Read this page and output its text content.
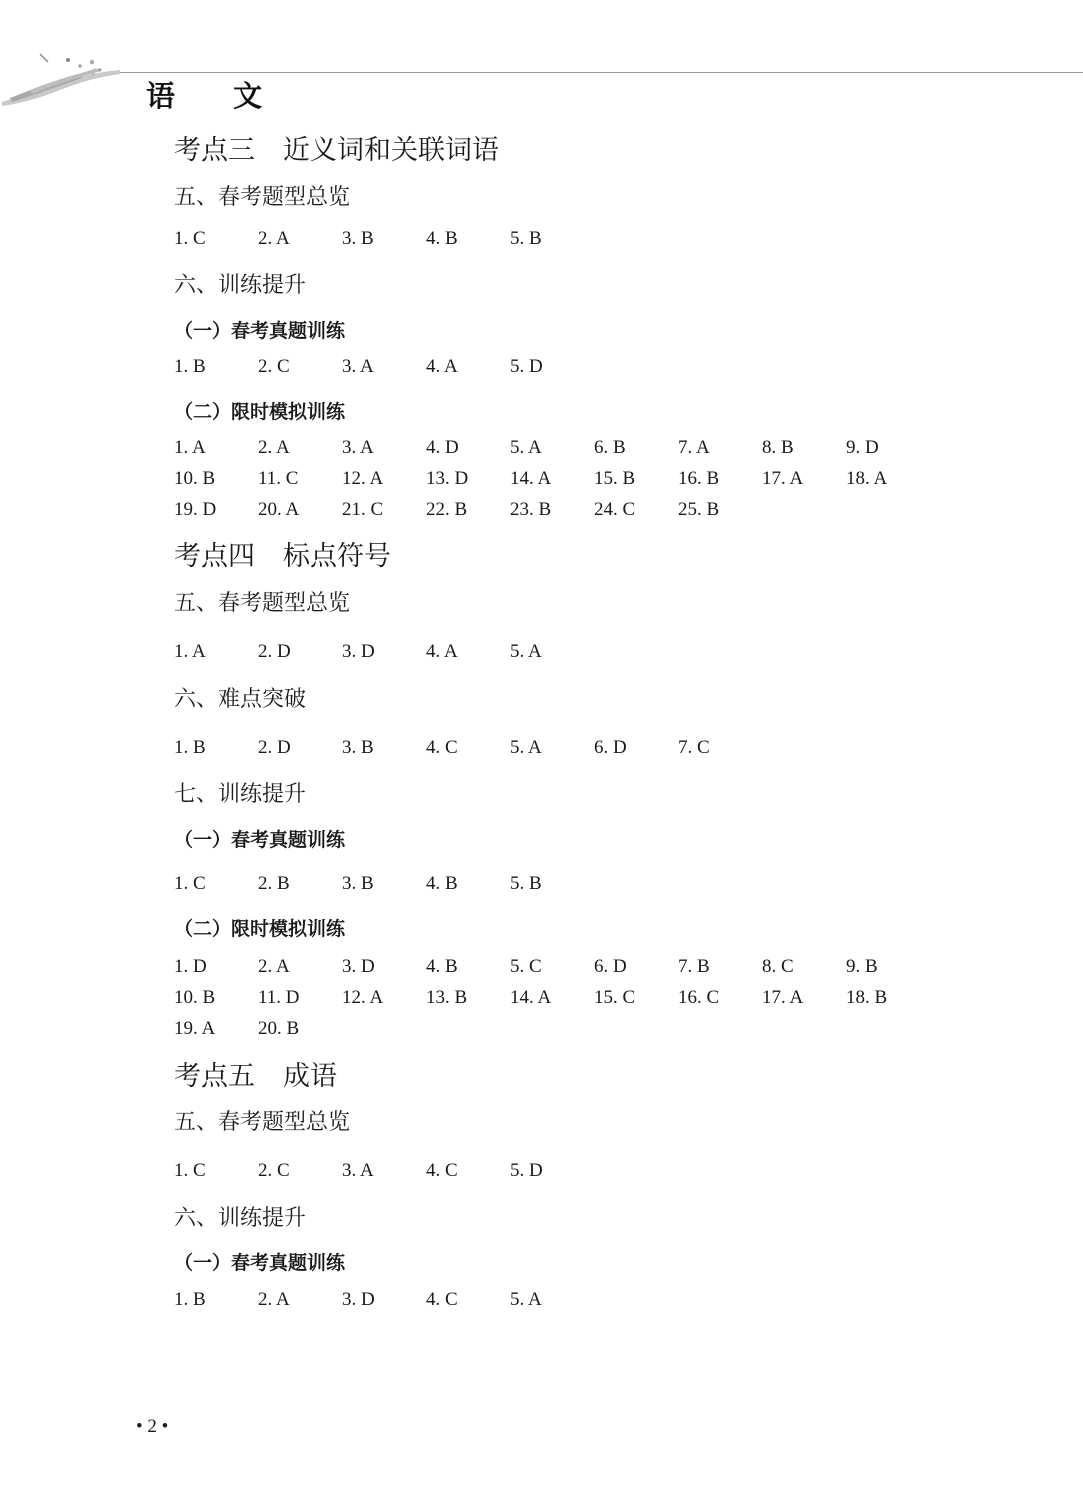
语 文
考点三 近义词和关联词语
五、春考题型总览
1. C	2. A	3. B	4. B	5. B
六、训练提升
（一）春考真题训练
1. B	2. C	3. A	4. A	5. D
（二）限时模拟训练
1. A	2. A	3. A	4. D	5. A	6. B	7. A	8. B	9. D
10. B 11. C 12. A 13. D 14. A 15. B 16. B 17. A 18. A
19. D 20. A 21. C 22. B 23. B 24. C 25. B
考点四 标点符号
五、春考题型总览
1. A	2. D	3. D	4. A	5. A
六、难点突破
1. B	2. D	3. B	4. C	5. A	6. D	7. C
七、训练提升
（一）春考真题训练
1. C	2. B	3. B	4. B	5. B
（二）限时模拟训练
1. D	2. A	3. D	4. B	5. C	6. D	7. B	8. C	9. B
10. B 11. D 12. A 13. B 14. A 15. C 16. C 17. A 18. B
19. A 20. B
考点五 成语
五、春考题型总览
1. C	2. C	3. A	4. C	5. D
六、训练提升
（一）春考真题训练
1. B	2. A	3. D	4. C	5. A
• 2 •
